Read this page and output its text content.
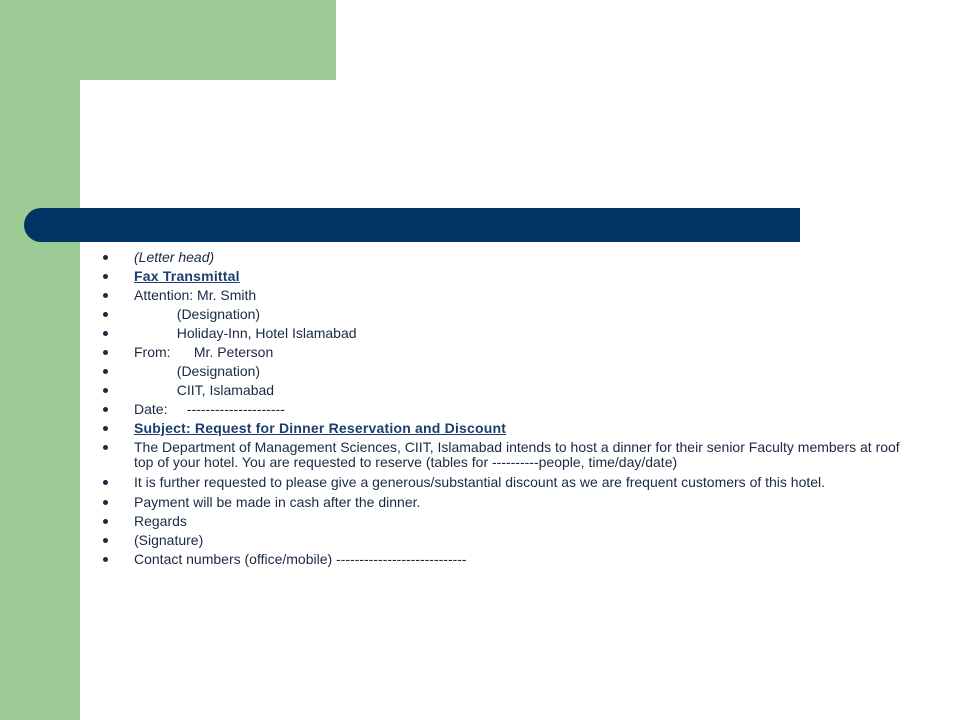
(Letter head)
Fax Transmittal
Attention: Mr. Smith
(Designation)
Holiday-Inn, Hotel Islamabad
From:      Mr. Peterson
(Designation)
CIIT, Islamabad
Date:     ---------------------
Subject: Request for Dinner Reservation and Discount
The Department of Management Sciences, CIIT, Islamabad intends to host a dinner for their senior Faculty members at roof top of your hotel. You are requested to reserve (tables for ----------people, time/day/date)
It is further requested to please give a generous/substantial discount as we are frequent customers of this hotel.
Payment will be made in cash after the dinner.
Regards
(Signature)
Contact numbers (office/mobile) ----------------------------
